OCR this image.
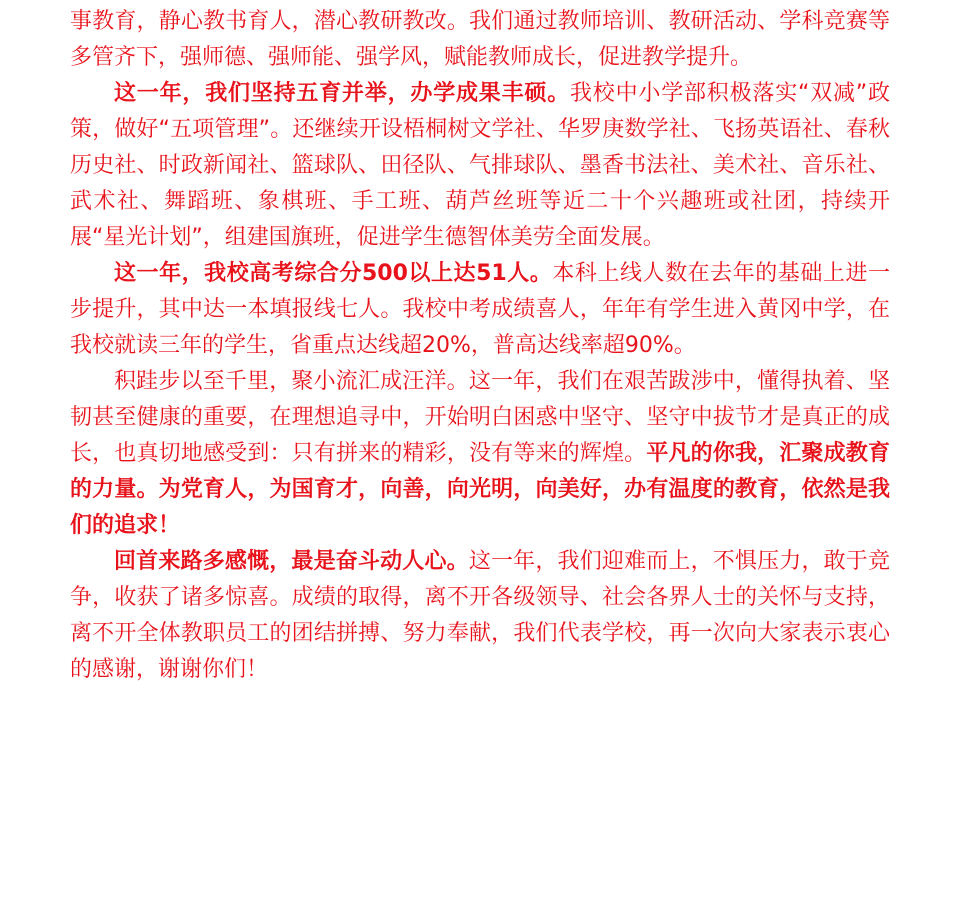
事教育，静心教书育人，潜心教研教改。我们通过教师培训、教研活动、学科竞赛等多管齐下，强师德、强师能、强学风，赋能教师成长，促进教学提升。

这一年，我们坚持五育并举，办学成果丰硕。我校中小学部积极落实“双减”政策，做好“五项管理”。还继续开设梧桐树文学社、华罗庚数学社、飞扬英语社、春秋历史社、时政新闻社、篮球队、田径队、气排球队、墨香书法社、美术社、音乐社、武术社、舞蹈班、象棋班、手工班、葫芦丝班等近二十个兴趣班或社团，持续开展“星光计划”，组建国旗班，促进学生德智体美劳全面发展。

这一年，我校高考综合分500以上达51人。本科上线人数在去年的基础上进一步提升，其中达一本填报线七人。我校中考成绩喜人，年年有学生进入黄冈中学，在我校就读三年的学生，省重点达线超20%，普高达线率超90%。

积跬步以至千里，聚小流汇成汪洋。这一年，我们在艰苦跋涉中，懂得执着、坚韧甚至健康的重要，在理想追寻中，开始明白困惑中坚守、坚守中拔节才是真正的成长，也真切地感受到：只有拼来的精彩，没有等来的辉煌。平凡的你我，汇聚成教育的力量。为党育人，为国育才，向善，向光明，向美好，办有温度的教育，依然是我们的追求！

回首来路多感慨，最是奋斗动人心。这一年，我们迎难而上，不惧压力，敢于竞争，收获了诸多惊喜。成绩的取得，离不开各级领导、社会各界人士的关怀与支持，离不开全体教职员工的团结拼搏、努力奉献，我们代表学校，再一次向大家表示衷心的感谢，谢谢你们！
